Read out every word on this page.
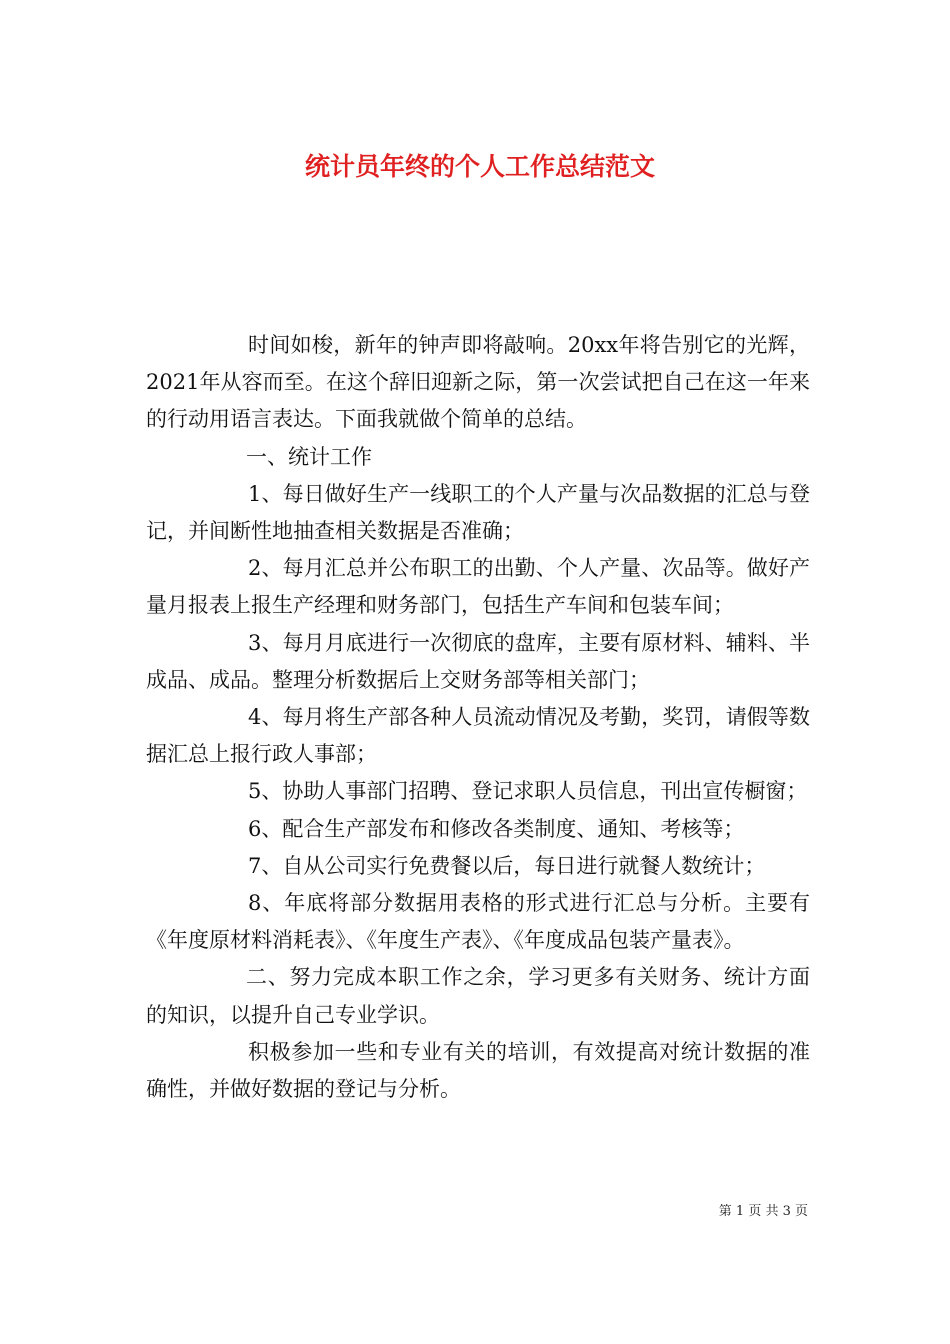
统计员年终的个人工作总结范文

时间如梭，新年的钟声即将敲响。20xx年将告别它的光辉，2021年从容而至。在这个辞旧迎新之际，第一次尝试把自己在这一年来的行动用语言表达。下面我就做个简单的总结。

一、统计工作

1、每日做好生产一线职工的个人产量与次品数据的汇总与登记，并间断性地抽查相关数据是否准确；

2、每月汇总并公布职工的出勤、个人产量、次品等。做好产量月报表上报生产经理和财务部门，包括生产车间和包装车间；

3、每月月底进行一次彻底的盘库，主要有原材料、辅料、半成品、成品。整理分析数据后上交财务部等相关部门；

4、每月将生产部各种人员流动情况及考勤，奖罚，请假等数据汇总上报行政人事部；

5、协助人事部门招聘、登记求职人员信息，刊出宣传橱窗；

6、配合生产部发布和修改各类制度、通知、考核等；

7、自从公司实行免费餐以后，每日进行就餐人数统计；

8、年底将部分数据用表格的形式进行汇总与分析。主要有《年度原材料消耗表》、《年度生产表》、《年度成品包装产量表》。

二、努力完成本职工作之余，学习更多有关财务、统计方面的知识，以提升自己专业学识。

积极参加一些和专业有关的培训，有效提高对统计数据的准确性，并做好数据的登记与分析。

第 1 页 共 3 页
